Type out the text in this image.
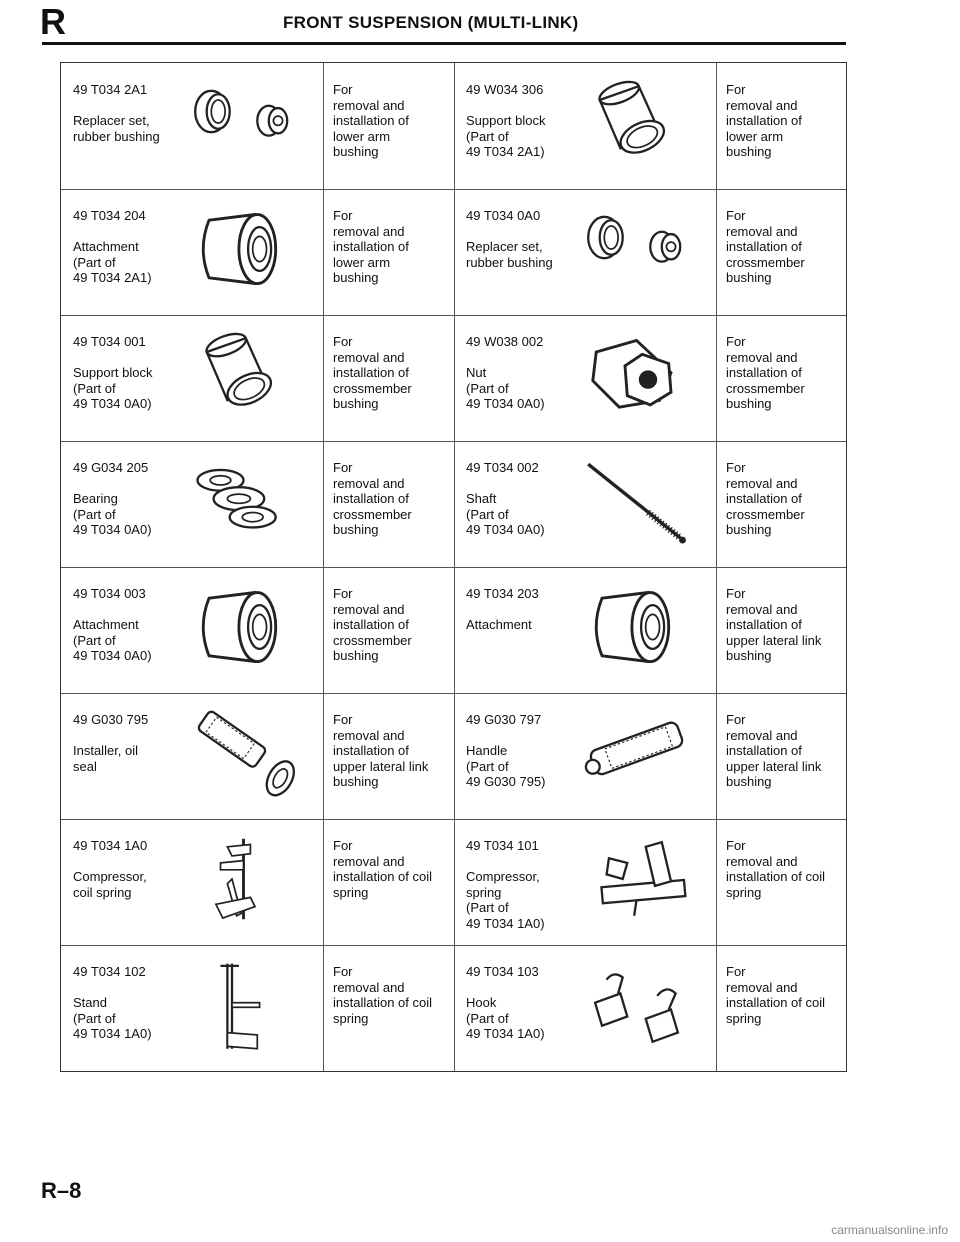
R	FRONT SUSPENSION (MULTI-LINK)
49 T034 2A1
Replacer set,
rubber bushing
For
removal and
installation of
lower arm
bushing
49 W034 306
Support block
(Part of
49 T034 2A1)
For
removal and
installation of
lower arm
bushing
49 T034 204
Attachment
(Part of
49 T034 2A1)
For
removal and
installation of
lower arm
bushing
49 T034 0A0
Replacer set,
rubber bushing
For
removal and
installation of
crossmember
bushing
49 T034 001
Support block
(Part of
49 T034 0A0)
For
removal and
installation of
crossmember
bushing
49 W038 002
Nut
(Part of
49 T034 0A0)
For
removal and
installation of
crossmember
bushing
49 G034 205
Bearing
(Part of
49 T034 0A0)
For
removal and
installation of
crossmember
bushing
49 T034 002
Shaft
(Part of
49 T034 0A0)
For
removal and
installation of
crossmember
bushing
49 T034 003
Attachment
(Part of
49 T034 0A0)
For
removal and
installation of
crossmember
bushing
49 T034 203
Attachment
For
removal and
installation of
upper lateral link
bushing
49 G030 795
Installer, oil
seal
For
removal and
installation of
upper lateral link
bushing
49 G030 797
Handle
(Part of
49 G030 795)
For
removal and
installation of
upper lateral link
bushing
49 T034 1A0
Compressor,
coil spring
For
removal and
installation of coil
spring
49 T034 101
Compressor,
spring
(Part of
49 T034 1A0)
For
removal and
installation of coil
spring
49 T034 102
Stand
(Part of
49 T034 1A0)
For
removal and
installation of coil
spring
49 T034 103
Hook
(Part of
49 T034 1A0)
For
removal and
installation of coil
spring
R–8
carmanualsonline.info
